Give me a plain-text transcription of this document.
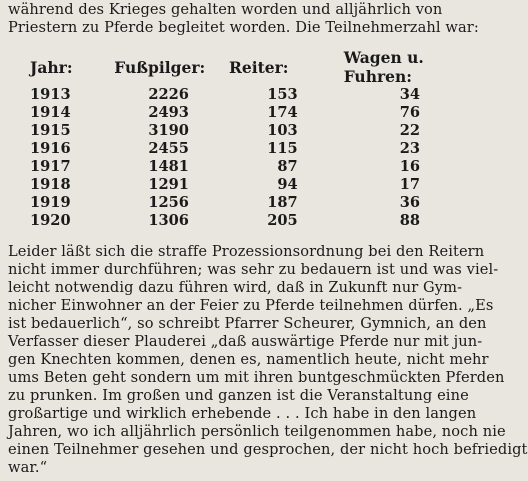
während des Krieges gehalten worden und alljährlich von
Priestern zu Pferde begleitet worden. Die Teilnehmerzahl war:
Jahr:	Fußpilger:	Reiter:	Wagen u. Fuhren:
1913	2226	153	34
1914	2493	174	76
1915	3190	103	22
1916	2455	115	23
1917	1481	87	16
1918	1291	94	17
1919	1256	187	36
1920	1306	205	88
Leider läßt sich die straffe Prozessionsordnung bei den Reitern
nicht immer durchführen; was sehr zu bedauern ist und was viel-
leicht notwendig dazu führen wird, daß in Zukunft nur Gym-
nicher Einwohner an der Feier zu Pferde teilnehmen dürfen. „Es
ist bedauerlich“, so schreibt Pfarrer Scheurer, Gymnich, an den
Verfasser dieser Plauderei „daß auswärtige Pferde nur mit jun-
gen Knechten kommen, denen es, namentlich heute, nicht mehr
ums Beten geht sondern um mit ihren buntgeschmückten Pferden
zu prunken. Im großen und ganzen ist die Veranstaltung eine
großartige und wirklich erhebende . . . Ich habe in den langen
Jahren, wo ich alljährlich persönlich teilgenommen habe, noch nie
einen Teilnehmer gesehen und gesprochen, der nicht hoch befriedigt
war.“
